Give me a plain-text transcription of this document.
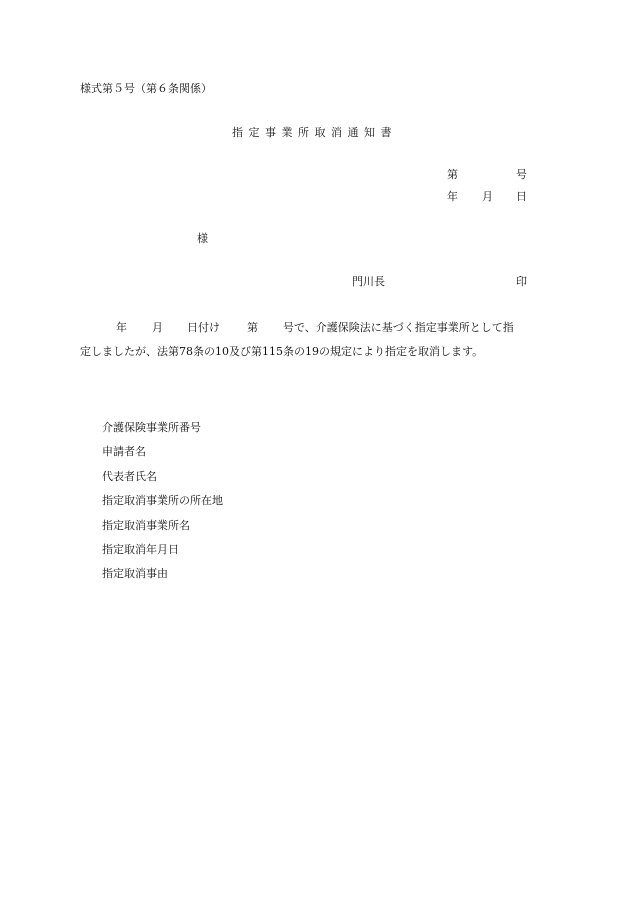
様式第５号（第６条関係）
指定事業所取消通知書
第	号
年 月 日
様
門川長	印
年 月 日付け 第 号で、介護保険法に基づく指定事業所として指
定しましたが、法第78条の10及び第115条の19の規定により指定を取消します。
介護保険事業所番号
申請者名
代表者氏名
指定取消事業所の所在地
指定取消事業所名
指定取消年月日
指定取消事由
